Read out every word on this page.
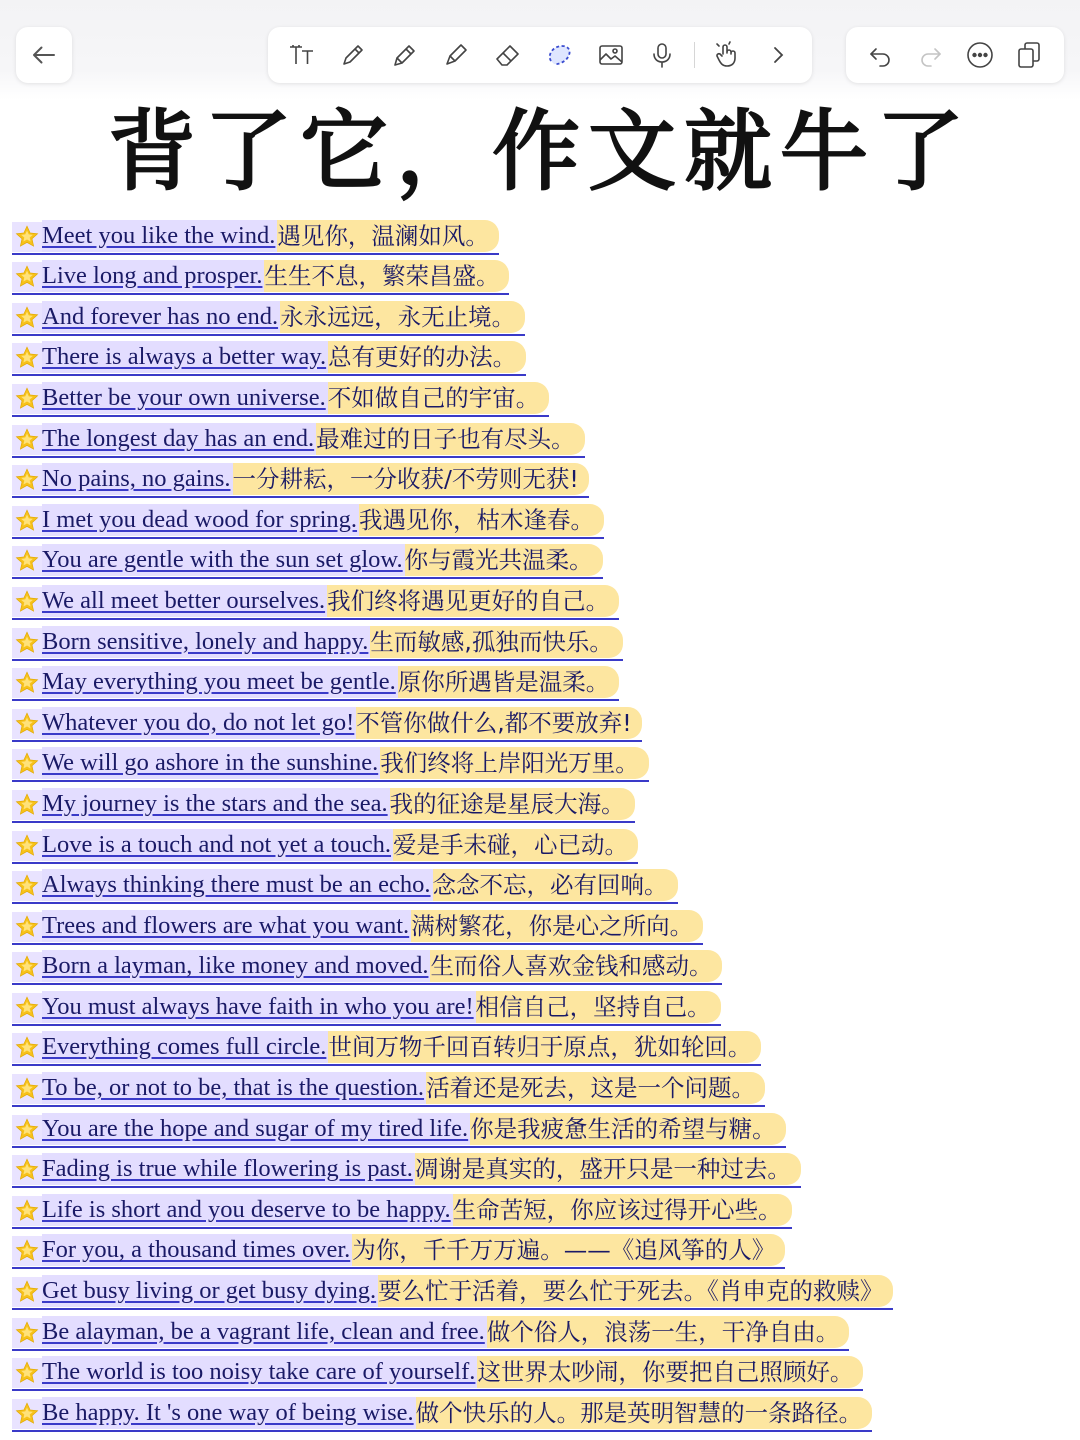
背了它，作文就牛了
Meet you like the wind. 遇见你，温澜如风。
Live long and prosper. 生生不息，繁荣昌盛。
And forever has no end. 永永远远，永无止境。
There is always a better way. 总有更好的办法。
Better be your own universe. 不如做自己的宇宙。
The longest day has an end. 最难过的日子也有尽头。
No pains, no gains. 一分耕耘，一分收获/不劳则无获!
I met you dead wood for spring. 我遇见你，枯木逢春。
You are gentle with the sun set glow. 你与霞光共温柔。
We all meet better ourselves. 我们终将遇见更好的自己。
Born sensitive, lonely and happy. 生而敏感,孤独而快乐。
May everything you meet be gentle. 原你所遇皆是温柔。
Whatever you do, do not let go! 不管你做什么,都不要放弃!
We will go ashore in the sunshine. 我们终将上岸阳光万里。
My journey is the stars and the sea. 我的征途是星辰大海。
Love is a touch and not yet a touch. 爱是手未碰，心已动。
Always thinking there must be an echo. 念念不忘，必有回响。
Trees and flowers are what you want. 满树繁花，你是心之所向。
Born a layman, like money and moved. 生而俗人喜欢金钱和感动。
You must always have faith in who you are! 相信自己，坚持自己。
Everything comes full circle. 世间万物千回百转归于原点，犹如轮回。
To be, or not to be, that is the question. 活着还是死去，这是一个问题。
You are the hope and sugar of my tired life. 你是我疲惫生活的希望与糖。
Fading is true while flowering is past. 凋谢是真实的，盛开只是一种过去。
Life is short and you deserve to be happy. 生命苦短，你应该过得开心些。
For you, a thousand times over. 为你，千千万万遍。——《追风筝的人》
Get busy living or get busy dying. 要么忙于活着，要么忙于死去。《肖申克的救赎》
Be alayman, be a vagrant life, clean and free. 做个俗人，浪荡一生，干净自由。
The world is too noisy take care of yourself. 这世界太吵闹，你要把自己照顾好。
Be happy. It 's one way of being wise. 做个快乐的人。那是英明智慧的一条路径。
